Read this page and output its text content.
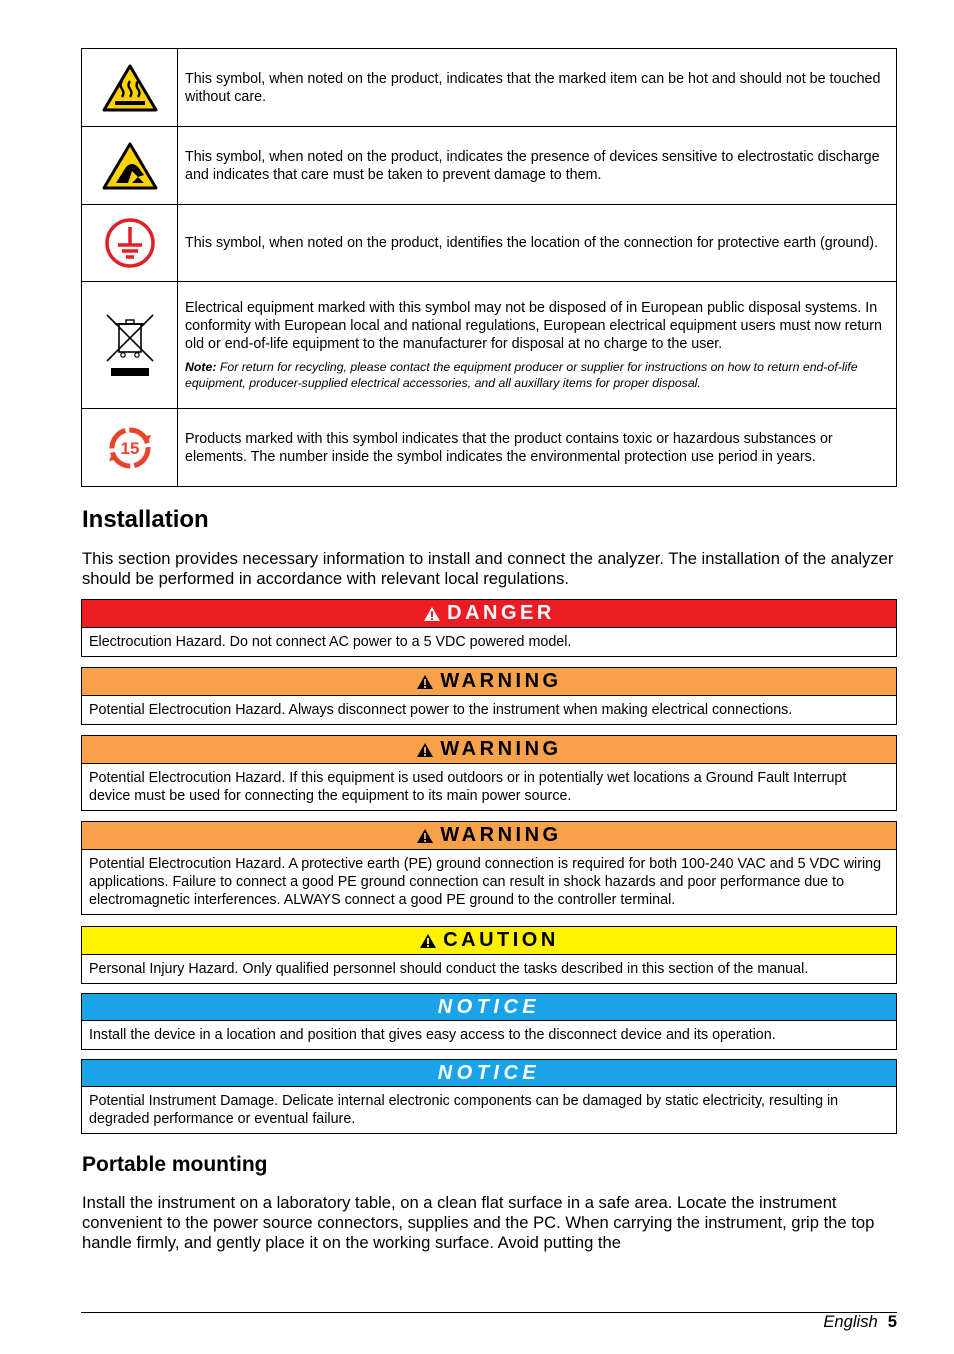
	This symbol, when noted on the product, indicates that the marked item can be hot and should not be touched without care.

	This symbol, when noted on the product, indicates the presence of devices sensitive to electrostatic discharge and indicates that care must be taken to prevent damage to them.

	This symbol, when noted on the product, identifies the location of the connection for protective earth (ground).

Electrical equipment marked with this symbol may not be disposed of in European public disposal systems. In conformity with European local and national regulations, European electrical equipment users must now return old or end-of-life equipment to the manufacturer for disposal at no charge to the user.
Note: For return for recycling, please contact the equipment producer or supplier for instructions on how to return end-of-life equipment, producer-supplied electrical accessories, and all auxillary items for proper disposal.

15	Products marked with this symbol indicates that the product contains toxic or hazardous substances or elements. The number inside the symbol indicates the environmental protection use period in years.
Installation

This section provides necessary information to install and connect the analyzer. The installation of the analyzer should be performed in accordance with relevant local regulations.

DANGER
Electrocution Hazard. Do not connect AC power to a 5 VDC powered model.
WARNING
Potential Electrocution Hazard. Always disconnect power to the instrument when making electrical connections.
WARNING
Potential Electrocution Hazard. If this equipment is used outdoors or in potentially wet locations a Ground Fault Interrupt device must be used for connecting the equipment to its main power source.
WARNING
Potential Electrocution Hazard. A protective earth (PE) ground connection is required for both 100-240 VAC and 5 VDC wiring applications. Failure to connect a good PE ground connection can result in shock hazards and poor performance due to electromagnetic interferences. ALWAYS connect a good PE ground to the controller terminal.
CAUTION
Personal Injury Hazard. Only qualified personnel should conduct the tasks described in this section of the manual.
NOTICE
Install the device in a location and position that gives easy access to the disconnect device and its operation.
NOTICE
Potential Instrument Damage. Delicate internal electronic components can be damaged by static electricity, resulting in degraded performance or eventual failure.
Portable mounting

Install the instrument on a laboratory table, on a clean flat surface in a safe area. Locate the instrument convenient to the power source connectors, supplies and the PC. When carrying the instrument, grip the top handle firmly, and gently place it on the working surface. Avoid putting the

English 5
